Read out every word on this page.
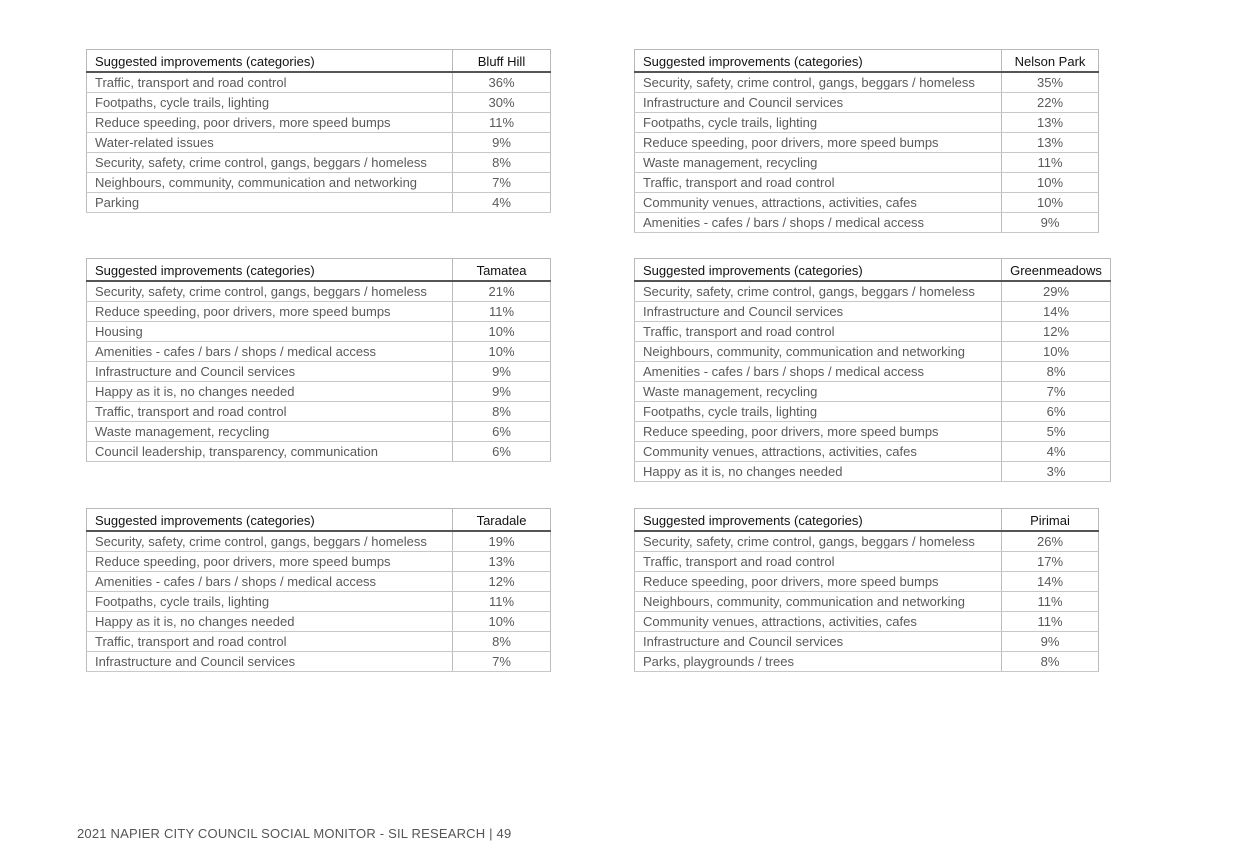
Suggested improvements (categories)	Bluff Hill
Traffic, transport and road control	36%
Footpaths, cycle trails, lighting	30%
Reduce speeding, poor drivers, more speed bumps	11%
Water-related issues	9%
Security, safety, crime control, gangs, beggars / homeless	8%
Neighbours, community, communication and networking	7%
Parking	4%
Suggested improvements (categories)	Nelson Park
Security, safety, crime control, gangs, beggars / homeless	35%
Infrastructure and Council services	22%
Footpaths, cycle trails, lighting	13%
Reduce speeding, poor drivers, more speed bumps	13%
Waste management, recycling	11%
Traffic, transport and road control	10%
Community venues, attractions, activities, cafes	10%
Amenities - cafes / bars / shops / medical access	9%
Suggested improvements (categories)	Tamatea
Security, safety, crime control, gangs, beggars / homeless	21%
Reduce speeding, poor drivers, more speed bumps	11%
Housing	10%
Amenities - cafes / bars / shops / medical access	10%
Infrastructure and Council services	9%
Happy as it is, no changes needed	9%
Traffic, transport and road control	8%
Waste management, recycling	6%
Council leadership, transparency, communication	6%
Suggested improvements (categories)	Greenmeadows
Security, safety, crime control, gangs, beggars / homeless	29%
Infrastructure and Council services	14%
Traffic, transport and road control	12%
Neighbours, community, communication and networking	10%
Amenities - cafes / bars / shops / medical access	8%
Waste management, recycling	7%
Footpaths, cycle trails, lighting	6%
Reduce speeding, poor drivers, more speed bumps	5%
Community venues, attractions, activities, cafes	4%
Happy as it is, no changes needed	3%
Suggested improvements (categories)	Taradale
Security, safety, crime control, gangs, beggars / homeless	19%
Reduce speeding, poor drivers, more speed bumps	13%
Amenities - cafes / bars / shops / medical access	12%
Footpaths, cycle trails, lighting	11%
Happy as it is, no changes needed	10%
Traffic, transport and road control	8%
Infrastructure and Council services	7%
Suggested improvements (categories)	Pirimai
Security, safety, crime control, gangs, beggars / homeless	26%
Traffic, transport and road control	17%
Reduce speeding, poor drivers, more speed bumps	14%
Neighbours, community, communication and networking	11%
Community venues, attractions, activities, cafes	11%
Infrastructure and Council services	9%
Parks, playgrounds / trees	8%
2021 NAPIER CITY COUNCIL SOCIAL MONITOR - SIL RESEARCH | 49
